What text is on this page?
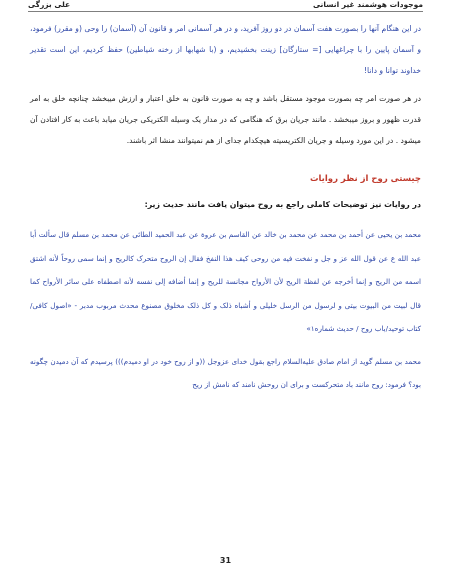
موجودات هوشمند غیر انسانی
علی بزرگی

در این هنگام آنها را بصورت هفت آسمان در دو روز آفرید، و در هر آسمانی امر و قانون آن (آسمان) را وحی (و مقرر) فرمود، و آسمان پایین را با چراغهایی [= ستارگان] زینت بخشیدیم، و (با شهابها از رخنه شیاطین) حفظ کردیم، این است تقدیر خداوند توانا و دانا!

در هر صورت امر چه بصورت موجود مستقل باشد و چه به صورت قانون به خلق اعتبار و ارزش میبخشد چنانچه خلق به امر قدرت ظهور و بروز میبخشد . مانند جریان برق که هنگامی که در مدار یک وسیله الکتریکی جریان میابد باعث به کار افتادن آن میشود . در این مورد وسیله و جریان الکتریسیته هیچکدام جدای از هم نمیتوانند منشا اثر باشند.

چیستی روح از نظر روایات

در روایات نیز توضیحات کاملی راجع به روح میتوان یافت مانند حدیث زیر:

محمد بن یحیی عن أحمد بن محمد عن محمد بن خالد عن القاسم بن عروة عن عبد الحمید الطائی عن محمد بن مسلم قال سألت أبا عبد الله ع عن قول الله عز و جل و نفخت فیه من روحی کیف هذا النفخ فقال إن الروح متحرک کالریح و إنما سمی روحاً لأنه اشتق اسمه من الریح و إنما أخرجه عن لفظة الریح لأن الأرواح مجانسة للریح و إنما أضافه إلى نفسه لأنه اصطفاه على سائر الأرواح کما قال لبیت من البیوت بیتی و لرسول من الرسل خلیلی و أشباه ذلک و کل ذلک مخلوق مصنوع محدث مربوب مدبر - «اصول کافی/کتاب توحید/باب روح / حدیث شماره۱»

محمد بن مسلم گوید از امام صادق علیه‌السلام راجع بقول خدای عزوجل ((و از روح خود در او دمیدم))) پرسیدم که آن دمیدن چگونه بود؟ فرمود: روح مانند باد متحرکست و برای ان روحش نامند که نامش از ریح

31
